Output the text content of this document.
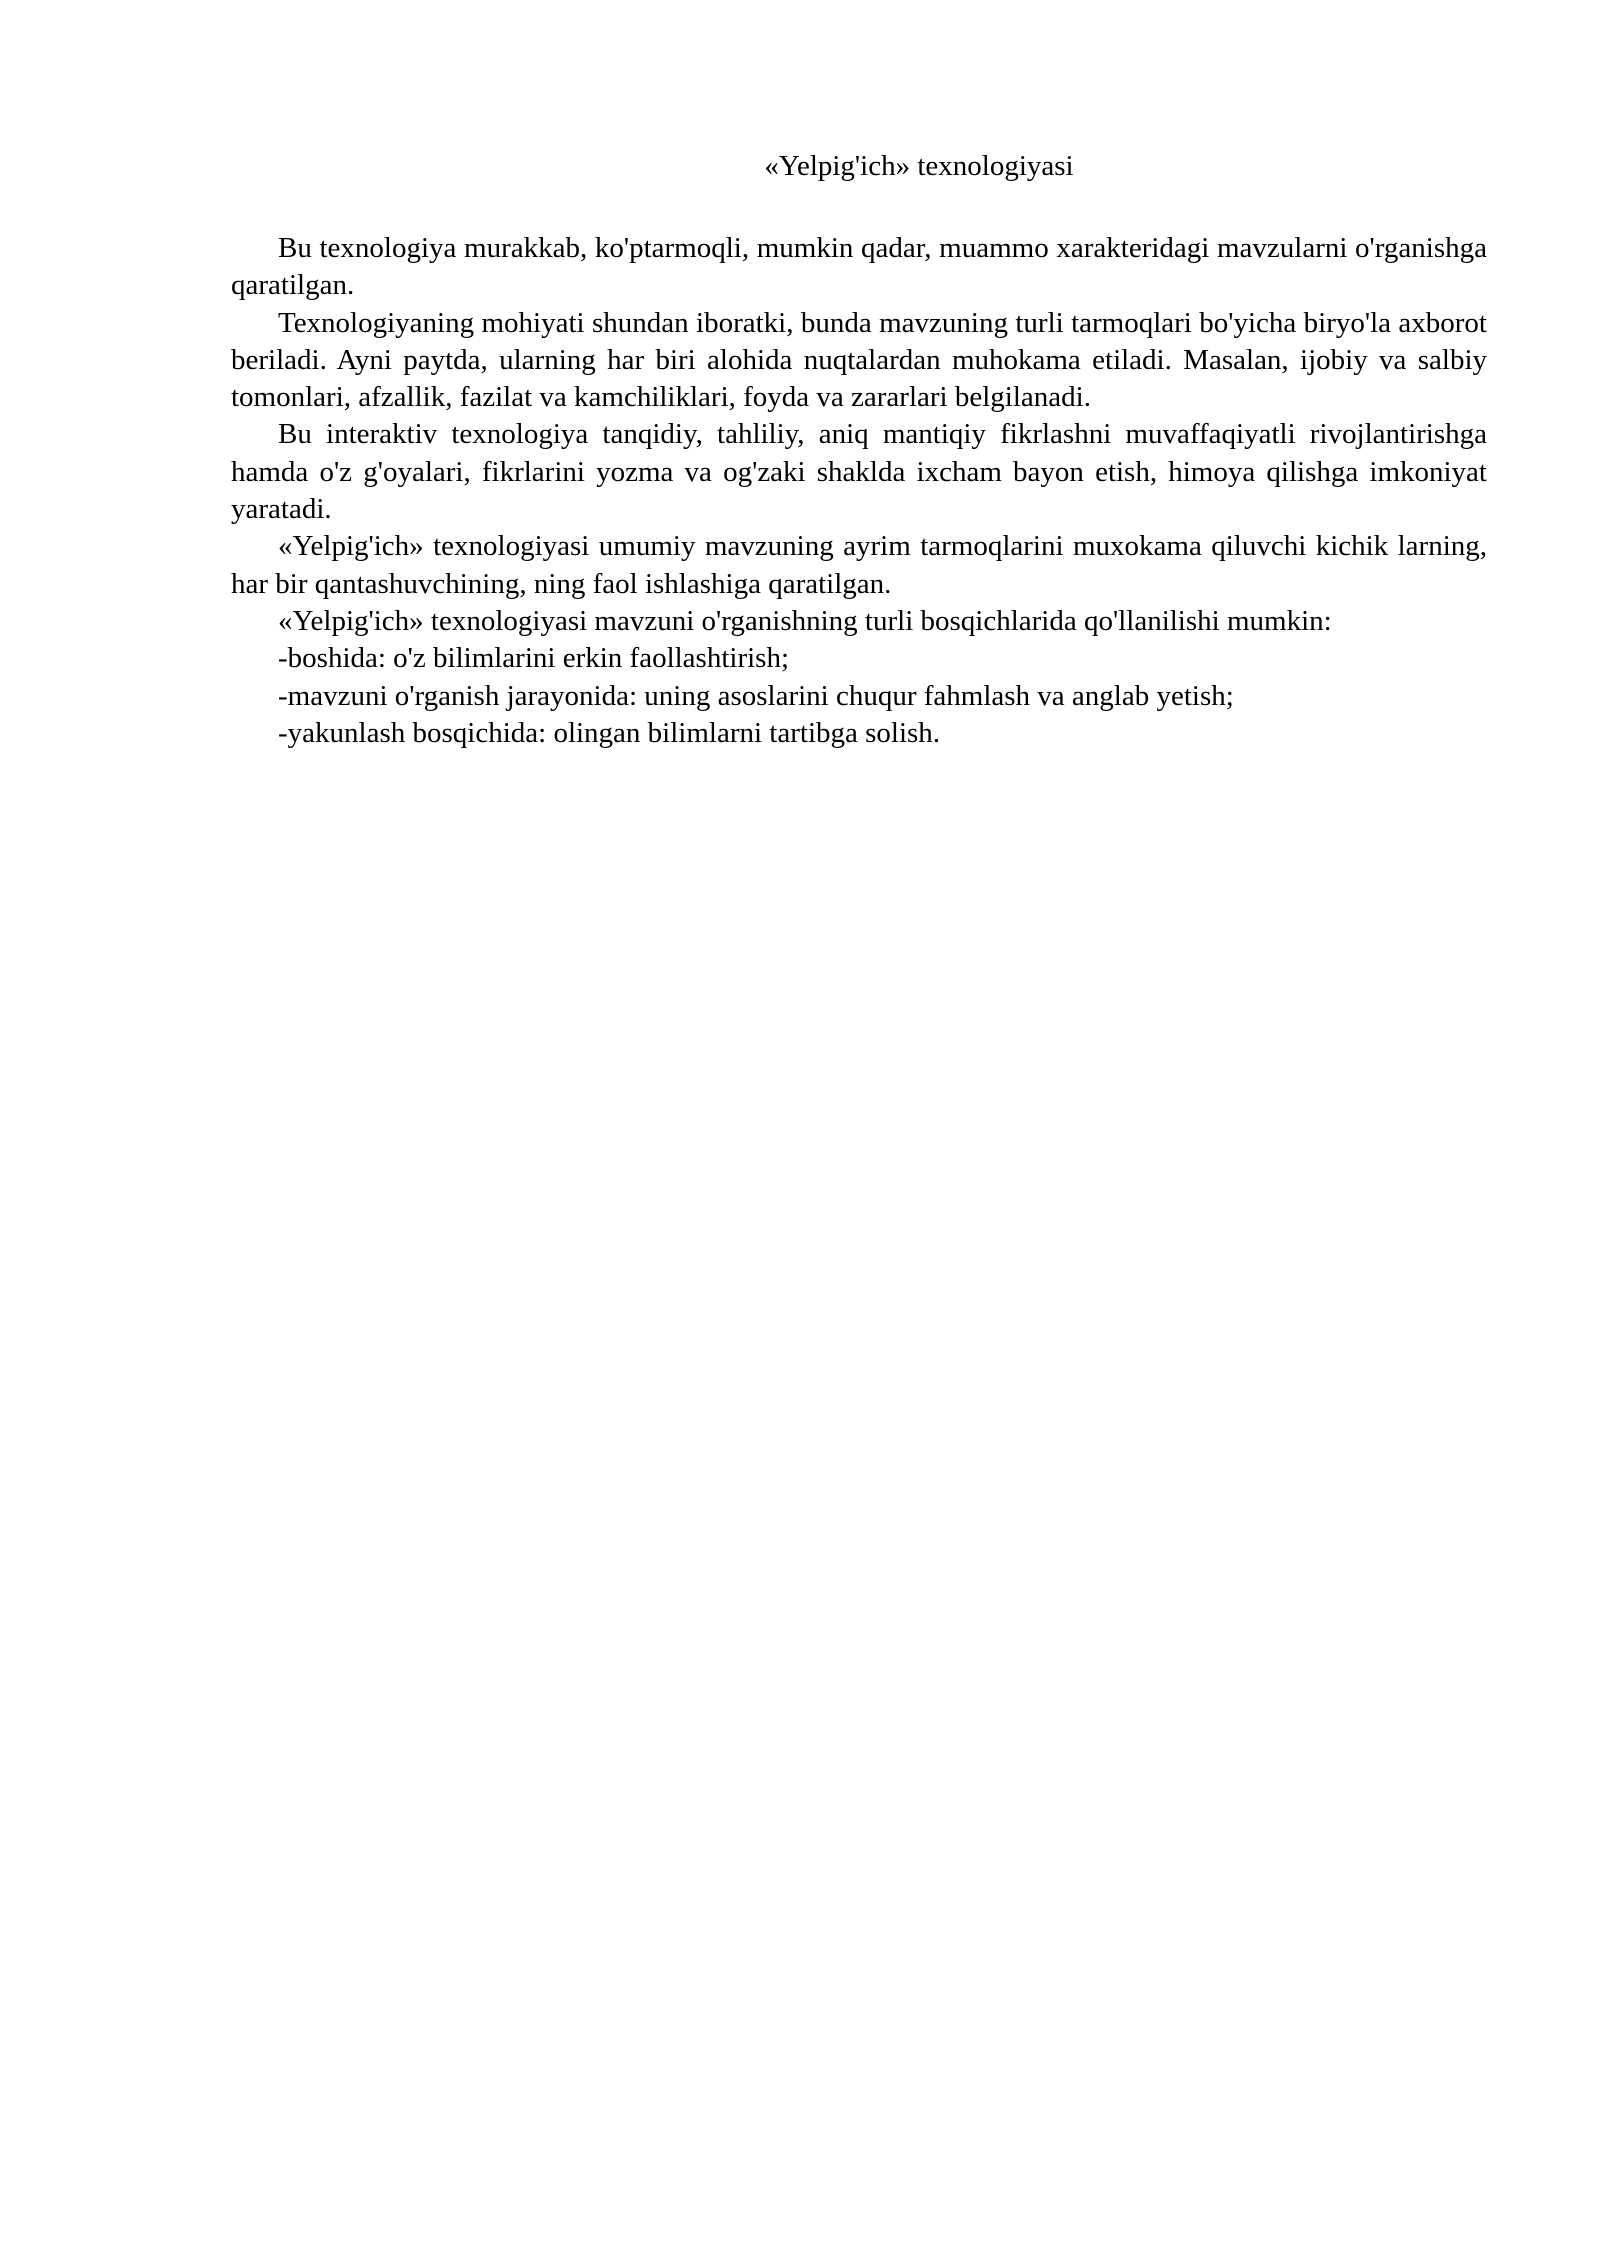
«Yelpig'ich» texnologiyasi

Bu texnologiya murakkab, ko'ptarmoqli, mumkin qadar, muammo xarakteridagi mavzularni o'rganishga qaratilgan.

Texnologiyaning mohiyati shundan iboratki, bunda mavzuning turli tarmoqlari bo'yicha biryo'la axborot beriladi. Ayni paytda, ularning har biri alohida nuqtalardan muhokama etiladi. Masalan, ijobiy va salbiy tomonlari, afzallik, fazilat va kamchiliklari, foyda va zararlari belgilanadi.

Bu interaktiv texnologiya tanqidiy, tahliliy, aniq mantiqiy fikrlashni muvaffaqiyatli rivojlantirishga hamda o'z g'oyalari, fikrlarini yozma va og'zaki shaklda ixcham bayon etish, himoya qilishga imkoniyat yaratadi.

«Yelpig'ich» texnologiyasi umumiy mavzuning ayrim tarmoqlarini muxokama qiluvchi kichik larning, har bir qantashuvchining, ning faol ishlashiga qaratilgan.

«Yelpig'ich» texnologiyasi mavzuni o'rganishning turli bosqichlarida qo'llanilishi mumkin:

-boshida: o'z bilimlarini erkin faollashtirish;

-mavzuni o'rganish jarayonida: uning asoslarini chuqur fahmlash va anglab yetish;

-yakunlash bosqichida: olingan bilimlarni tartibga solish.
